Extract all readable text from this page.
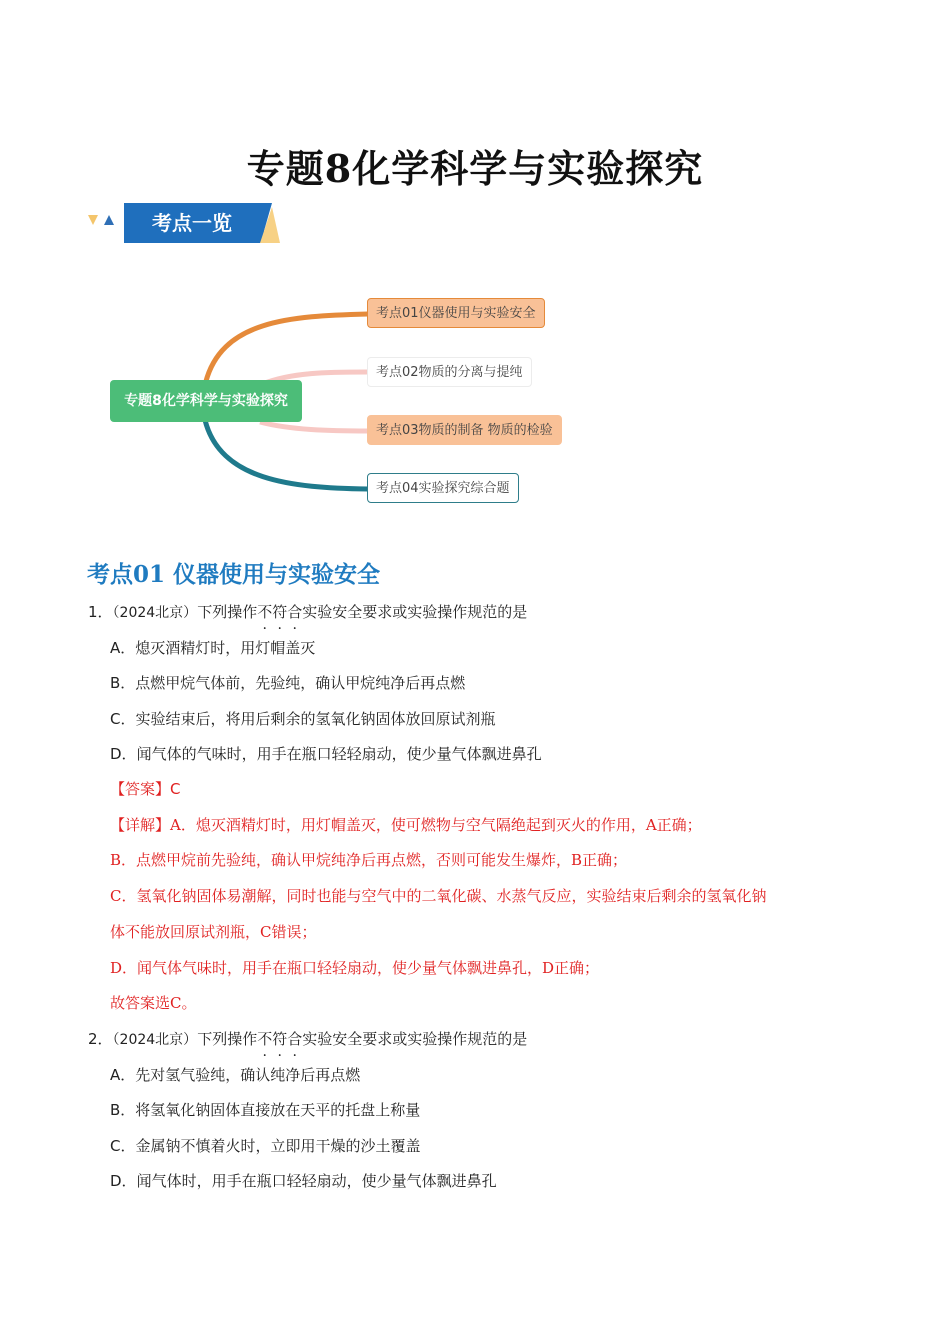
专题8化学科学与实验探究
考点一览
专题8化学科学与实验探究
考点01仪器使用与实验安全
考点02物质的分离与提纯
考点03物质的制备 物质的检验
考点04实验探究综合题
考点01 仪器使用与实验安全
1．（2024北京）下列操作不符合实验安全要求或实验操作规范的是
A．熄灭酒精灯时，用灯帽盖灭
B．点燃甲烷气体前，先验纯，确认甲烷纯净后再点燃
C．实验结束后，将用后剩余的氢氧化钠固体放回原试剂瓶
D．闻气体的气味时，用手在瓶口轻轻扇动，使少量气体飘进鼻孔
【答案】C
【详解】A．熄灭酒精灯时，用灯帽盖灭，使可燃物与空气隔绝起到灭火的作用，A正确；
B．点燃甲烷前先验纯，确认甲烷纯净后再点燃，否则可能发生爆炸，B正确；
C．氢氧化钠固体易潮解，同时也能与空气中的二氧化碳、水蒸气反应，实验结束后剩余的氢氧化钠
体不能放回原试剂瓶，C错误；
D．闻气体气味时，用手在瓶口轻轻扇动，使少量气体飘进鼻孔，D正确；
故答案选C。
2．（2024北京）下列操作不符合实验安全要求或实验操作规范的是
A．先对氢气验纯，确认纯净后再点燃
B．将氢氧化钠固体直接放在天平的托盘上称量
C．金属钠不慎着火时，立即用干燥的沙土覆盖
D．闻气体时，用手在瓶口轻轻扇动，使少量气体飘进鼻孔
